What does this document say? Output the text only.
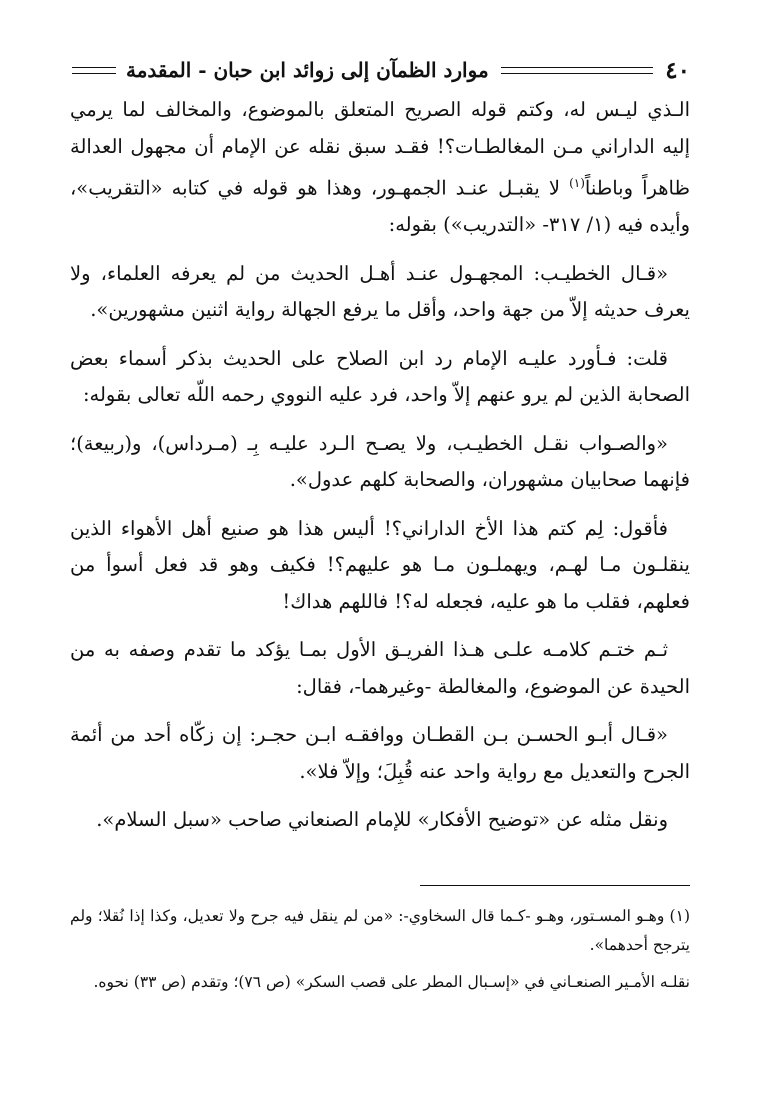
٤٠
موارد الظمآن إلى زوائد ابن حبان - المقدمة

الـذي ليـس له، وكتم قوله الصريح المتعلق بالموضوع، والمخالف لما يرمي إليه الداراني مـن المغالطـات؟! فقـد سبق نقله عن الإمام أن مجهول العدالة ظاهراً وباطناً$^{(١)}$ لا يقبـل عنـد الجمهـور، وهذا هو قوله في كتابه «التقريب»، وأيده فيه (١/ ٣١٧- «التدريب») بقوله:

«قـال الخطيـب: المجهـول عنـد أهـل الحديث من لم يعرفه العلماء، ولا يعرف حديثه إلاّ من جهة واحد، وأقل ما يرفع الجهالة رواية اثنين مشهورين».

قلت: فـأورد عليـه الإمام رد ابن الصلاح على الحديث بذكر أسماء بعض الصحابة الذين لم يرو عنهم إلاّ واحد، فرد عليه النووي رحمه اللّه تعالى بقوله:

«والصـواب نقـل الخطيـب، ولا يصـح الـرد عليـه بِـ (مـرداس)، و(ربيعة)؛ فإنهما صحابيان مشهوران، والصحابة كلهم عدول».

فأقول: لِم كتم هذا الأخ الداراني؟! أليس هذا هو صنيع أهل الأهواء الذين ينقلـون مـا لهـم، ويهملـون مـا هو عليهم؟! فكيف وهو قد فعل أسوأ من فعلهم، فقلب ما هو عليه، فجعله له؟! فاللهم هداك!

ثـم ختـم كلامـه علـى هـذا الفريـق الأول بمـا يؤكد ما تقدم وصفه به من الحيدة عن الموضوع، والمغالطة -وغيرهما-، فقال:

«قـال أبـو الحسـن بـن القطـان ووافقـه ابـن حجـر: إن زكّاه أحد من أئمة الجرح والتعديل مع رواية واحد عنه قُبِلَ؛ وإلاّ فلا».

ونقل مثله عن «توضيح الأفكار» للإمام الصنعاني صاحب «سبل السلام».

(١) وهـو المسـتور، وهـو -كـما قال السخاوي-: «من لم ينقل فيه جرح ولا تعديل، وكذا إذا نُقلا؛ ولم يترجح أحدهما».

نقلـه الأمـير الصنعـاني في «إسـبال المطر على قصب السكر» (ص ٧٦)؛ وتقدم (ص ٣٣) نحوه.
